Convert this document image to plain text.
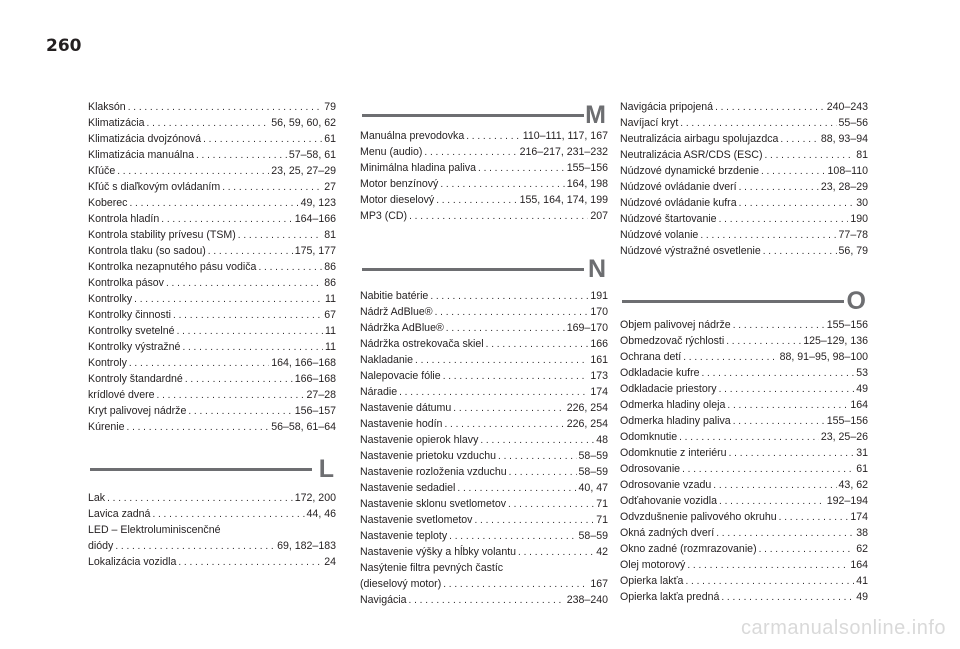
260
Klaksón . . .	79
Klimatizácia . . .	56, 59, 60, 62
Klimatizácia dvojzónová . . .	61
Klimatizácia manuálna . . .	57–58, 61
Kľúče . . .	23, 25, 27–29
Kľúč s diaľkovým ovládaním . . .	27
Koberec . . .	49, 123
Kontrola hladín . . .	164–166
Kontrola stability prívesu (TSM) . . .	81
Kontrola tlaku (so sadou) . . .	175, 177
Kontrolka nezapnutého pásu vodiča . . .	86
Kontrolka pásov . . .	86
Kontrolky . . .	11
Kontrolky činnosti . . .	67
Kontrolky svetelné . . .	11
Kontrolky výstražné . . .	11
Kontroly . . .	164, 166–168
Kontroly štandardné . . .	166–168
krídlové dvere . . .	27–28
Kryt palivovej nádrže . . .	156–157
Kúrenie . . .	56–58, 61–64
L
Lak . . .	172, 200
Lavica zadná . . .	44, 46
LED – Elektroluminiscenčné
diódy . . .	69, 182–183
Lokalizácia vozidla . . .	24
M
Manuálna prevodovka . . .	110–111, 117, 167
Menu (audio) . . .	216–217, 231–232
Minimálna hladina paliva . . .	155–156
Motor benzínový . . .	164, 198
Motor dieselový . . .	155, 164, 174, 199
MP3 (CD) . . .	207
N
Nabitie batérie . . .	191
Nádrž AdBlue® . . .	170
Nádržka AdBlue® . . .	169–170
Nádržka ostrekovača skiel . . .	166
Nakladanie . . .	161
Nalepovacie fólie . . .	173
Náradie . . .	174
Nastavenie dátumu . . .	226, 254
Nastavenie hodín . . .	226, 254
Nastavenie opierok hlavy . . .	48
Nastavenie prietoku vzduchu . . .	58–59
Nastavenie rozloženia vzduchu . . .	58–59
Nastavenie sedadiel . . .	40, 47
Nastavenie sklonu svetlometov . . .	71
Nastavenie svetlometov . . .	71
Nastavenie teploty . . .	58–59
Nastavenie výšky a hĺbky volantu . . .	42
Nasýtenie filtra pevných častíc
(dieselový motor) . . .	167
Navigácia . . .	238–240
Navigácia pripojená . . .	240–243
Navíjací kryt . . .	55–56
Neutralizácia airbagu spolujazdca . . .	88, 93–94
Neutralizácia ASR/CDS (ESC) . . .	81
Núdzové dynamické brzdenie . . .	108–110
Núdzové ovládanie dverí . . .	23, 28–29
Núdzové ovládanie kufra . . .	30
Núdzové štartovanie . . .	190
Núdzové volanie . . .	77–78
Núdzové výstražné osvetlenie . . .	56, 79
O
Objem palivovej nádrže . . .	155–156
Obmedzovač rýchlosti . . .	125–129, 136
Ochrana detí . . .	88, 91–95, 98–100
Odkladacie kufre . . .	53
Odkladacie priestory . . .	49
Odmerka hladiny oleja . . .	164
Odmerka hladiny paliva . . .	155–156
Odomknutie . . .	23, 25–26
Odomknutie z interiéru . . .	31
Odrosovanie . . .	61
Odrosovanie vzadu . . .	43, 62
Odťahovanie vozidla . . .	192–194
Odvzdušnenie palivového okruhu . . .	174
Okná zadných dverí . . .	38
Okno zadné (rozmrazovanie) . . .	62
Olej motorový . . .	164
Opierka lakťa . . .	41
Opierka lakťa predná . . .	49
carmanualsonline.info
